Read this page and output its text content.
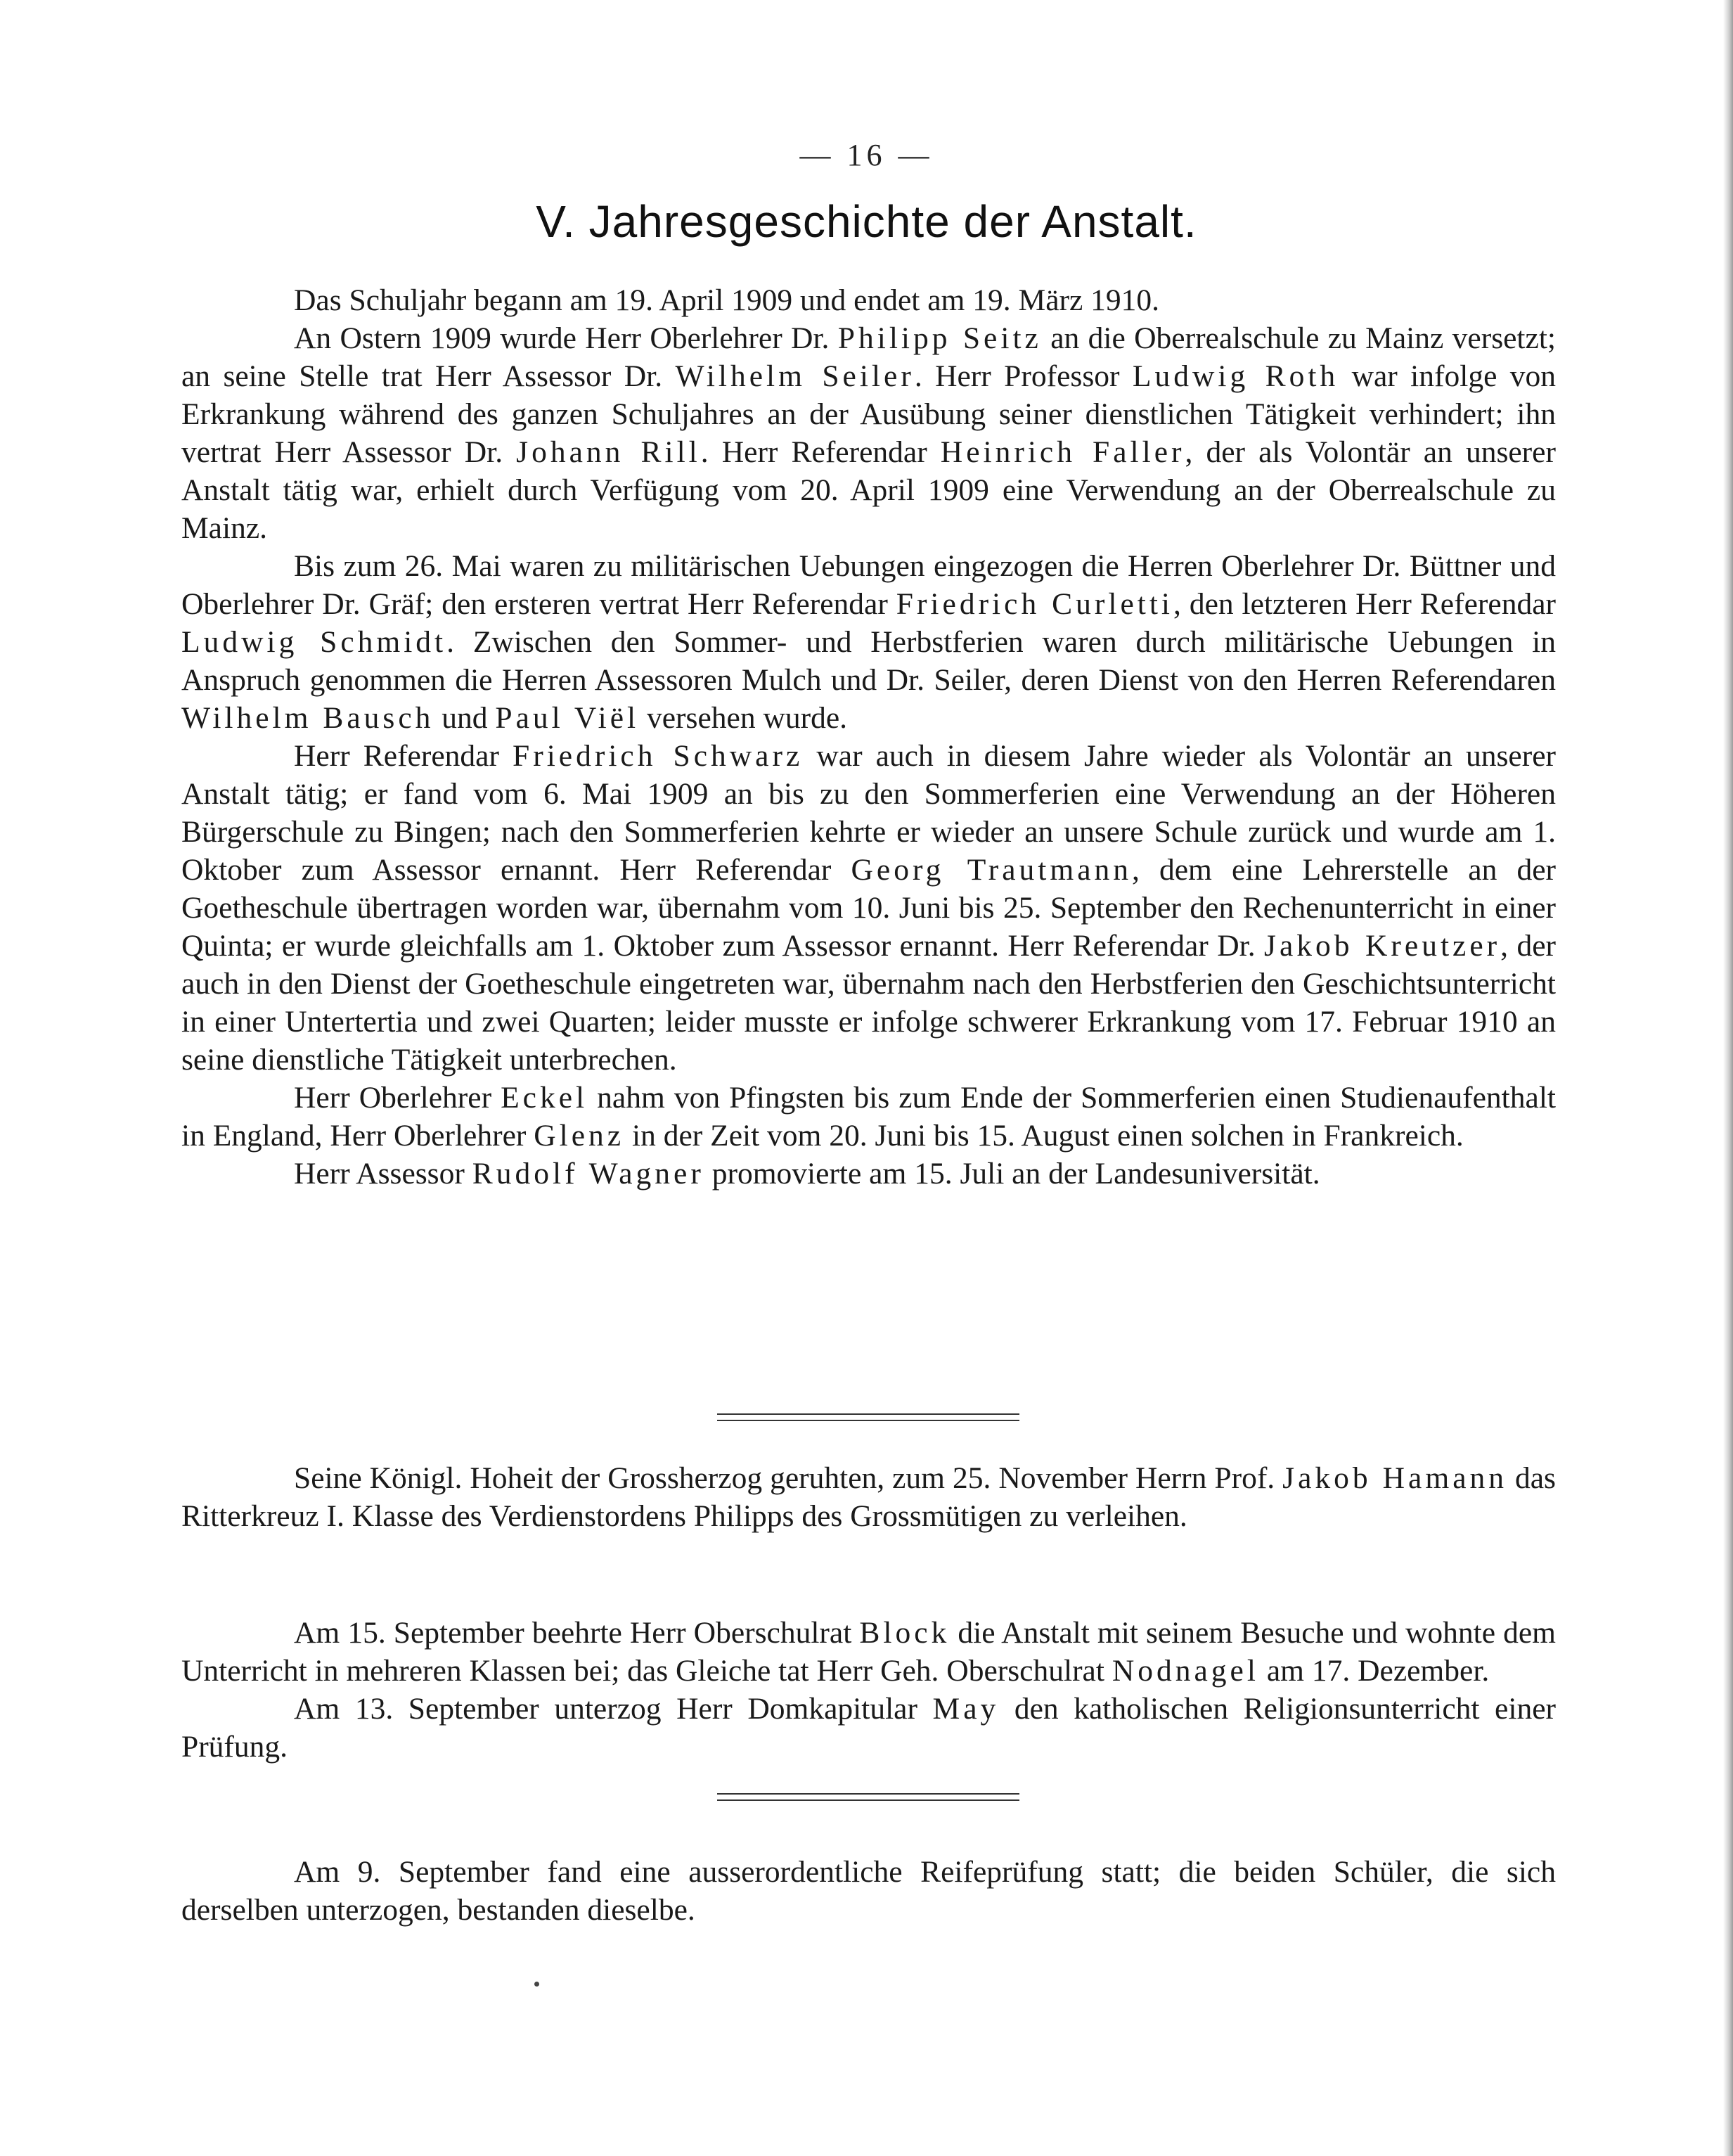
— 16 —
V. Jahresgeschichte der Anstalt.

Das Schuljahr begann am 19. April 1909 und endet am 19. März 1910.

An Ostern 1909 wurde Herr Oberlehrer Dr. Philipp Seitz an die Oberrealschule zu Mainz versetzt; an seine Stelle trat Herr Assessor Dr. Wilhelm Seiler. Herr Professor Ludwig Roth war infolge von Erkrankung während des ganzen Schuljahres an der Ausübung seiner dienstlichen Tätigkeit verhindert; ihn vertrat Herr Assessor Dr. Johann Rill. Herr Referendar Heinrich Faller, der als Volontär an unserer Anstalt tätig war, erhielt durch Verfügung vom 20. April 1909 eine Verwendung an der Oberrealschule zu Mainz.

Bis zum 26. Mai waren zu militärischen Uebungen eingezogen die Herren Oberlehrer Dr. Büttner und Oberlehrer Dr. Gräf; den ersteren vertrat Herr Referendar Friedrich Curletti, den letzteren Herr Referendar Ludwig Schmidt. Zwischen den Sommer- und Herbstferien waren durch militärische Uebungen in Anspruch genommen die Herren Assessoren Mulch und Dr. Seiler, deren Dienst von den Herren Referendaren Wilhelm Bausch und Paul Viël versehen wurde.

Herr Referendar Friedrich Schwarz war auch in diesem Jahre wieder als Volontär an unserer Anstalt tätig; er fand vom 6. Mai 1909 an bis zu den Sommerferien eine Verwendung an der Höheren Bürgerschule zu Bingen; nach den Sommerferien kehrte er wieder an unsere Schule zurück und wurde am 1. Oktober zum Assessor ernannt. Herr Referendar Georg Trautmann, dem eine Lehrerstelle an der Goetheschule übertragen worden war, übernahm vom 10. Juni bis 25. September den Rechenunterricht in einer Quinta; er wurde gleichfalls am 1. Oktober zum Assessor ernannt. Herr Referendar Dr. Jakob Kreutzer, der auch in den Dienst der Goetheschule eingetreten war, übernahm nach den Herbstferien den Geschichtsunterricht in einer Untertertia und zwei Quarten; leider musste er infolge schwerer Erkrankung vom 17. Februar 1910 an seine dienstliche Tätigkeit unterbrechen.

Herr Oberlehrer Eckel nahm von Pfingsten bis zum Ende der Sommerferien einen Studienaufenthalt in England, Herr Oberlehrer Glenz in der Zeit vom 20. Juni bis 15. August einen solchen in Frankreich.

Herr Assessor Rudolf Wagner promovierte am 15. Juli an der Landesuniversität.

Seine Königl. Hoheit der Grossherzog geruhten, zum 25. November Herrn Prof. Jakob Hamann das Ritterkreuz I. Klasse des Verdienstordens Philipps des Grossmütigen zu verleihen.

Am 15. September beehrte Herr Oberschulrat Block die Anstalt mit seinem Besuche und wohnte dem Unterricht in mehreren Klassen bei; das Gleiche tat Herr Geh. Oberschulrat Nodnagel am 17. Dezember.

Am 13. September unterzog Herr Domkapitular May den katholischen Religionsunterricht einer Prüfung.

Am 9. September fand eine ausserordentliche Reifeprüfung statt; die beiden Schüler, die sich derselben unterzogen, bestanden dieselbe.
